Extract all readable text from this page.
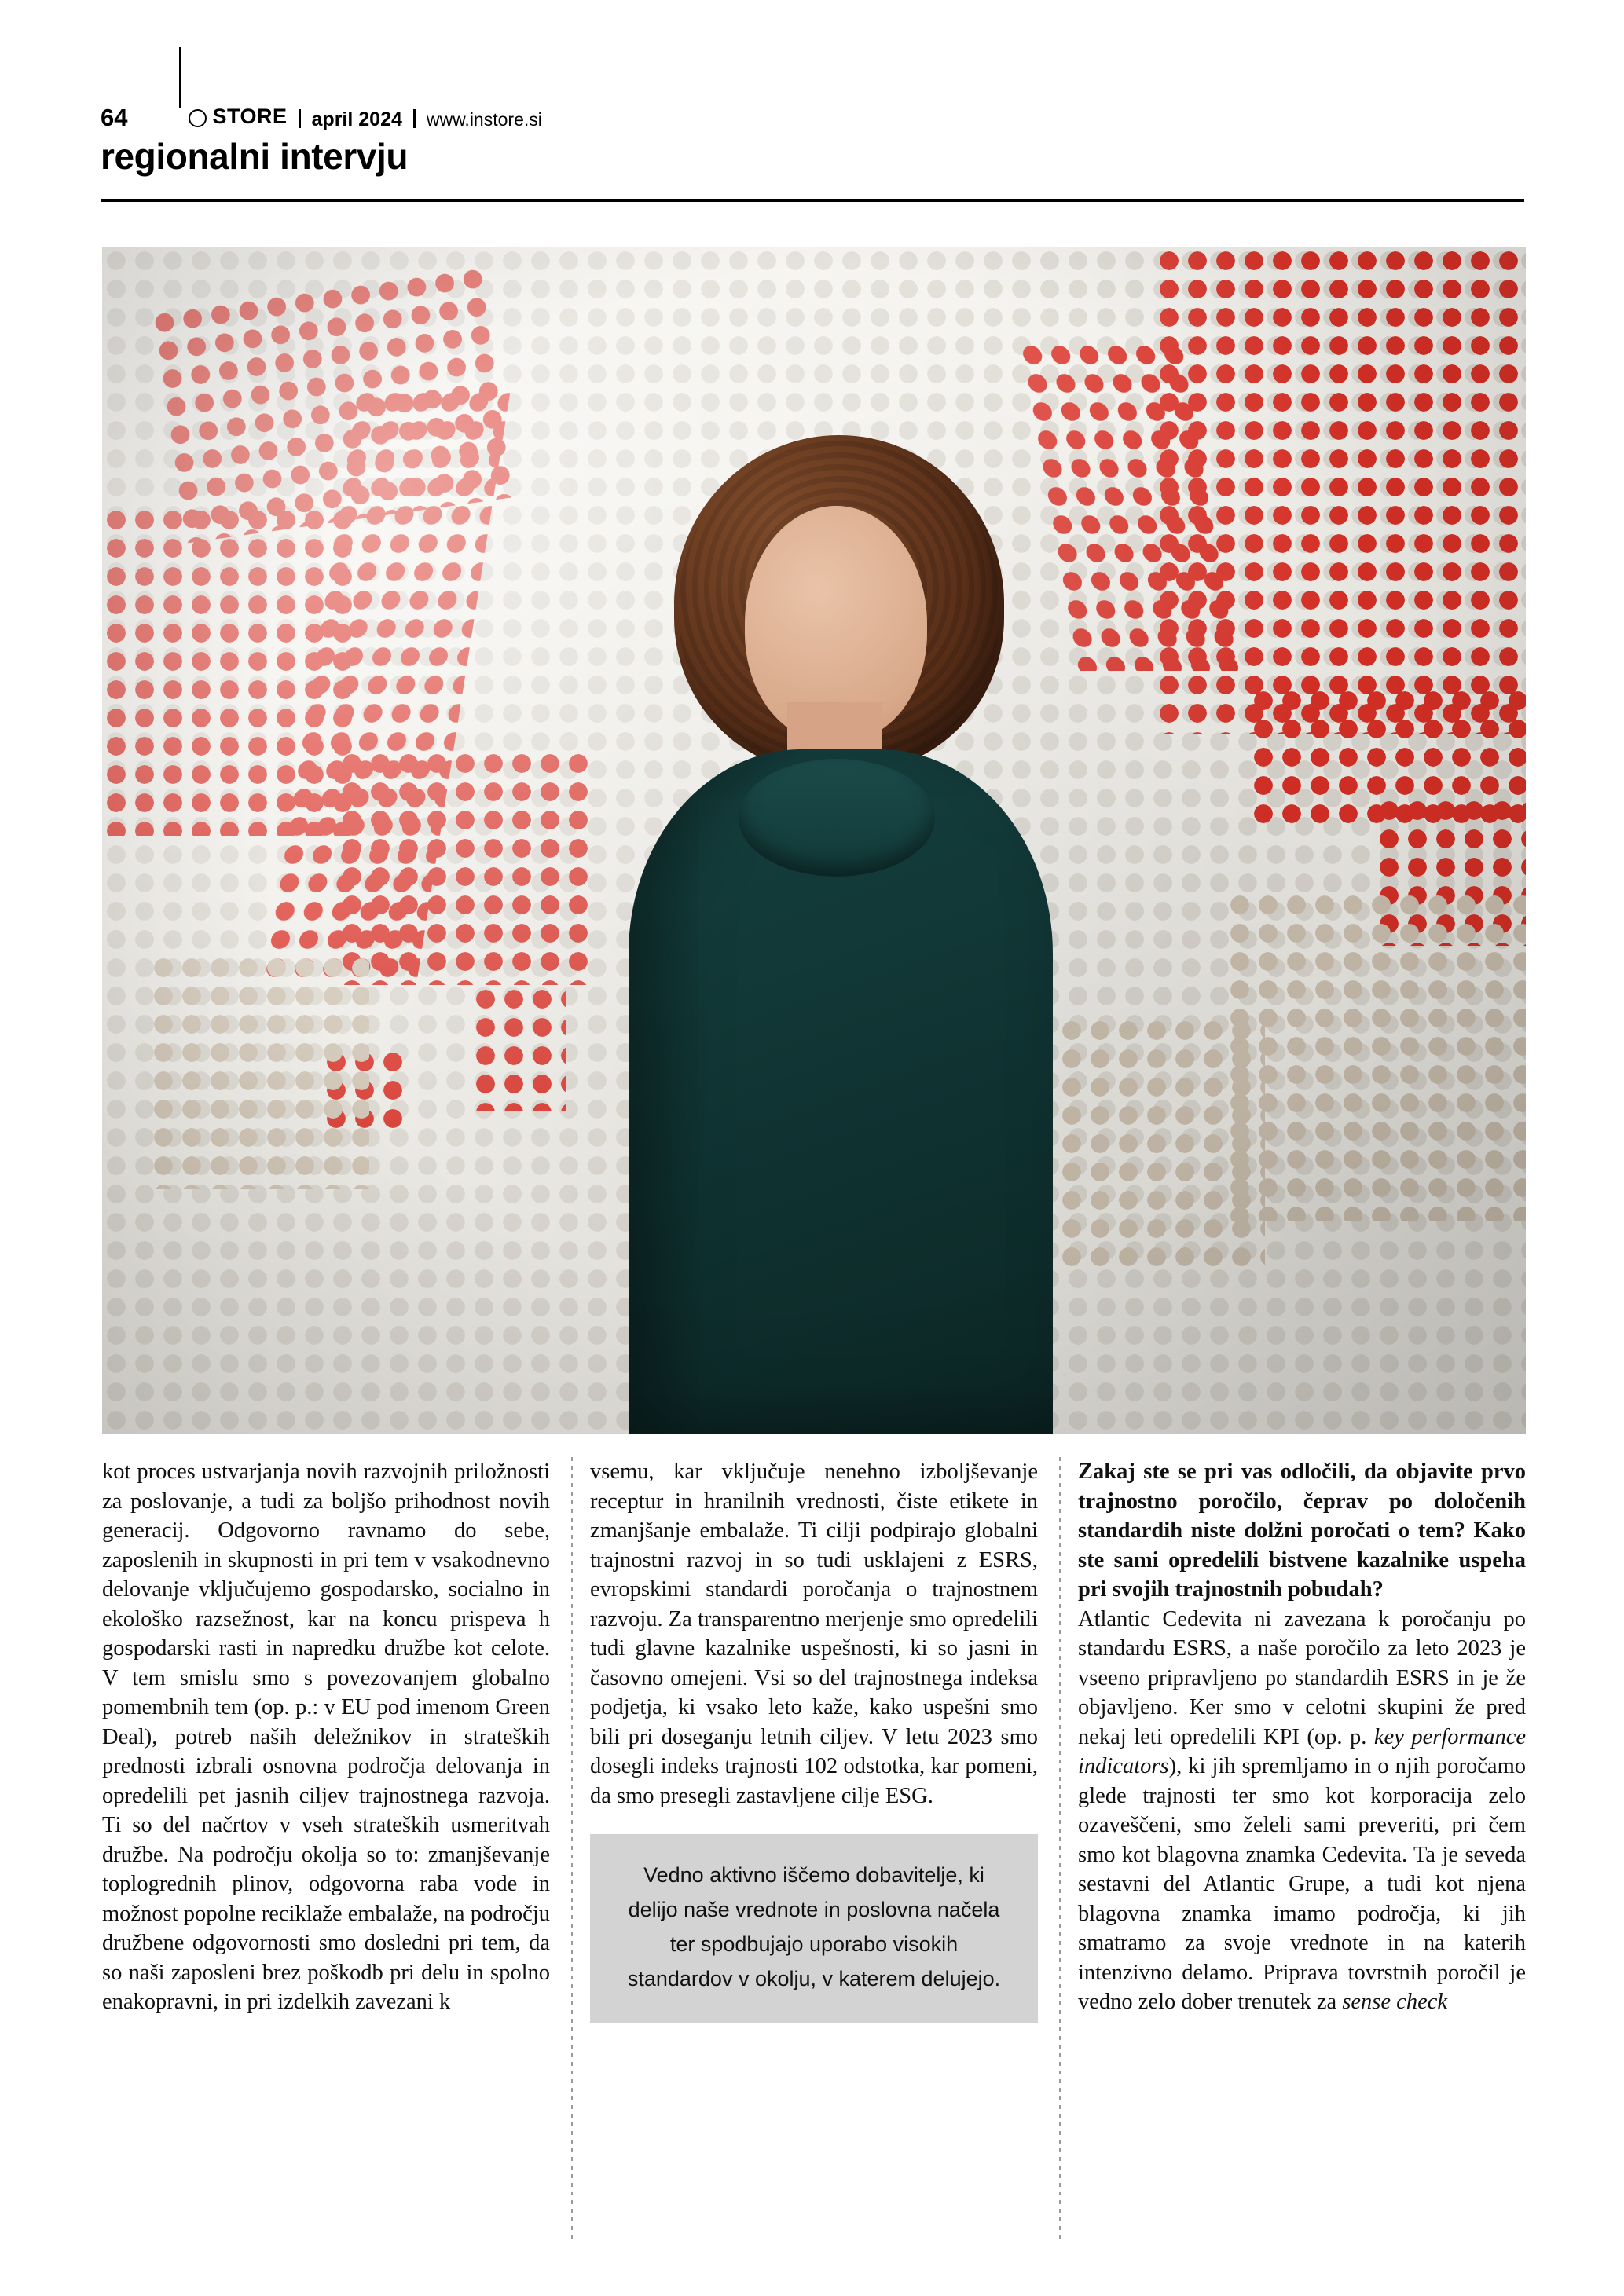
64	STORE april 2024 www.instore.si
regionalni intervju

kot proces ustvarjanja novih razvojnih priložnosti za poslovanje, a tudi za boljšo prihodnost novih generacij. Odgovorno ravnamo do sebe, zaposlenih in skupnosti in pri tem v vsakodnevno delovanje vključujemo gospodarsko, socialno in ekološko razsežnost, kar na koncu prispeva h gospodarski rasti in napredku družbe kot celote. V tem smislu smo s povezovanjem globalno pomembnih tem (op. p.: v EU pod imenom Green Deal), potreb naših deležnikov in strateških prednosti izbrali osnovna področja delovanja in opredelili pet jasnih ciljev trajnostnega razvoja. Ti so del načrtov v vseh strateških usmeritvah družbe. Na področju okolja so to: zmanjševanje toplogrednih plinov, odgovorna raba vode in možnost popolne reciklaže embalaže, na področju družbene odgovornosti smo dosledni pri tem, da so naši zaposleni brez poškodb pri delu in spolno enakopravni, in pri izdelkih zavezani k

vsemu, kar vključuje nenehno izboljševanje receptur in hranilnih vrednosti, čiste etikete in zmanjšanje embalaže. Ti cilji podpirajo globalni trajnostni razvoj in so tudi usklajeni z ESRS, evropskimi standardi poročanja o trajnostnem razvoju. Za transparentno merjenje smo opredelili tudi glavne kazalnike uspešnosti, ki so jasni in časovno omejeni. Vsi so del trajnostnega indeksa podjetja, ki vsako leto kaže, kako uspešni smo bili pri doseganju letnih ciljev. V letu 2023 smo dosegli indeks trajnosti 102 odstotka, kar pomeni, da smo presegli zastavljene cilje ESG.

Vedno aktivno iščemo dobavitelje, ki delijo naše vrednote in poslovna načela ter spodbujajo uporabo visokih standardov v okolju, v katerem delujejo.

Zakaj ste se pri vas odločili, da objavite prvo trajnostno poročilo, čeprav po določenih standardih niste dolžni poročati o tem? Kako ste sami opredelili bistvene kazalnike uspeha pri svojih trajnostnih pobudah?

Atlantic Cedevita ni zavezana k poročanju po standardu ESRS, a naše poročilo za leto 2023 je vseeno pripravljeno po standardih ESRS in je že objavljeno. Ker smo v celotni skupini že pred nekaj leti opredelili KPI (op. p. key performance indicators), ki jih spremljamo in o njih poročamo glede trajnosti ter smo kot korporacija zelo ozaveščeni, smo želeli sami preveriti, pri čem smo kot blagovna znamka Cedevita. Ta je seveda sestavni del Atlantic Grupe, a tudi kot njena blagovna znamka imamo področja, ki jih smatramo za svoje vrednote in na katerih intenzivno delamo. Priprava tovrstnih poročil je vedno zelo dober trenutek za sense check
